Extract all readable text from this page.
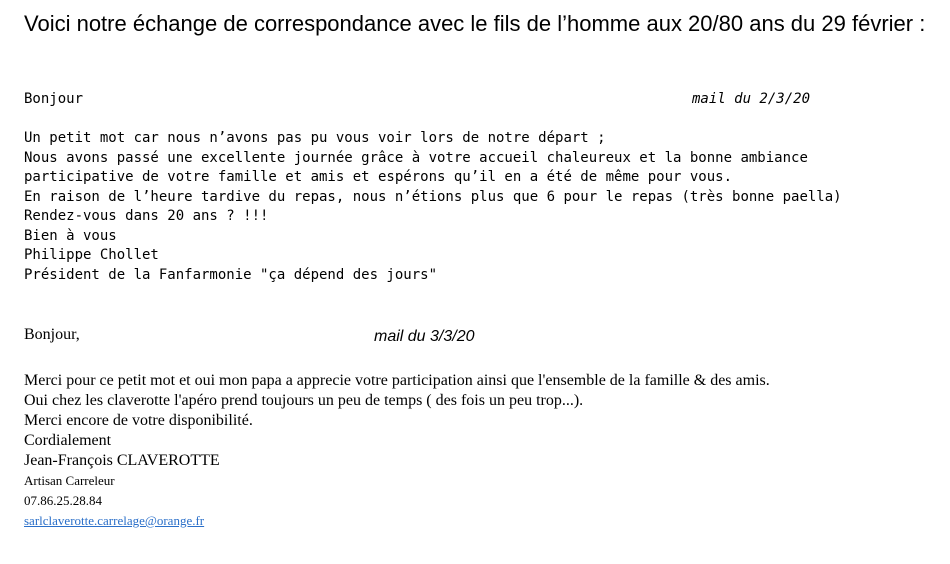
Voici notre échange de correspondance avec le fils de l’homme aux 20/80 ans du 29 février :
Bonjour	mail du 2/3/20
Un petit mot car nous n’avons pas pu vous voir lors de notre départ ;
Nous avons passé une excellente journée grâce à votre accueil chaleureux et la bonne ambiance
participative de votre famille et amis et espérons qu’il en a été de même pour vous.
En raison de l’heure tardive du repas, nous n’étions plus que 6 pour le repas (très bonne paella)
Rendez-vous dans 20 ans ? !!!
Bien à vous
Philippe Chollet
Président de la Fanfarmonie "ça dépend des jours"
Bonjour,	mail du 3/3/20
Merci pour ce petit mot et oui mon papa a apprecie votre participation ainsi que l'ensemble de la famille & des amis.
Oui chez les claverotte l'apéro prend toujours un peu de temps ( des fois un peu trop...).
Merci encore de votre disponibilité.
Cordialement
Jean-François CLAVEROTTE
Artisan Carreleur
07.86.25.28.84
sarlclaverotte.carrelage@orange.fr
